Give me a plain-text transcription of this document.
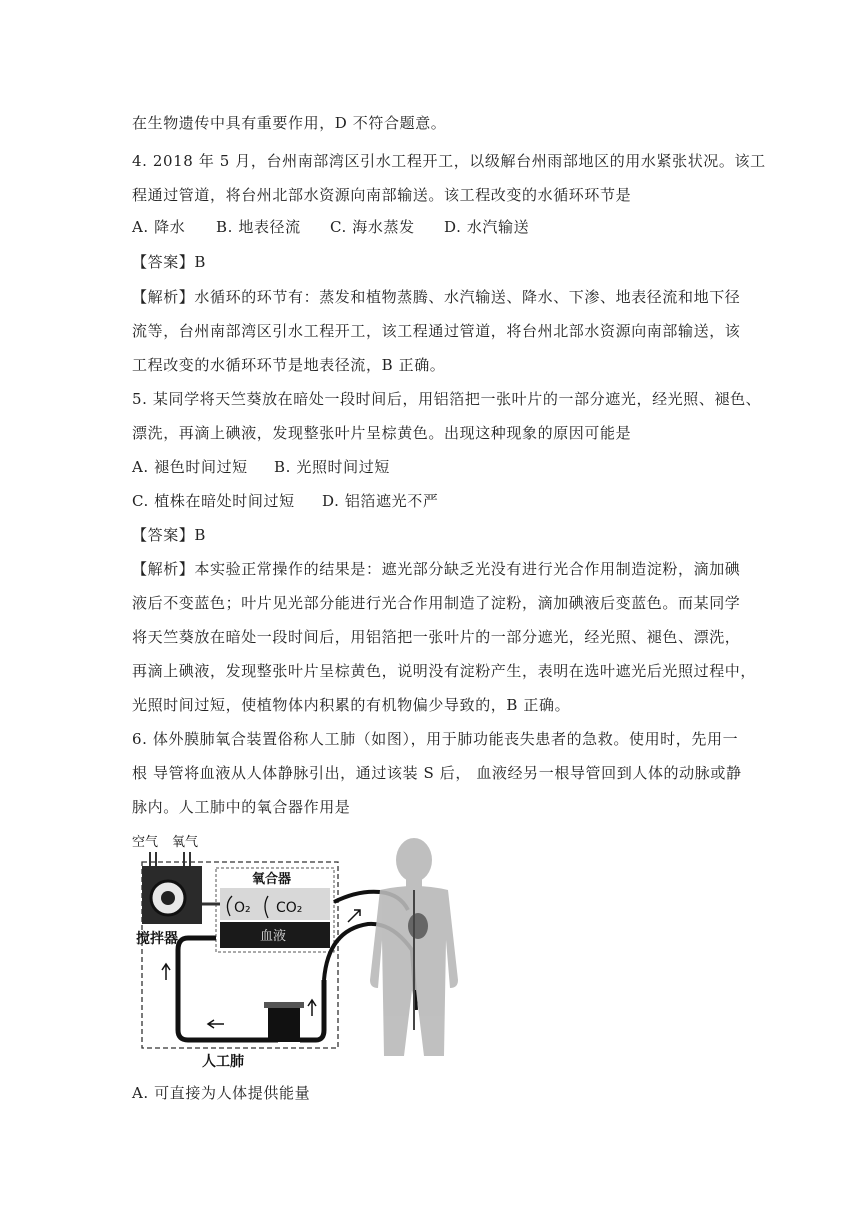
在生物遗传中具有重要作用，D 不符合题意。
4. 2018 年 5 月，台州南部湾区引水工程开工，以级解台州雨部地区的用水紧张状况。该工
程通过管道，将台州北部水资源向南部输送。该工程改变的水循环环节是
A. 降水 B. 地表径流 C. 海水蒸发 D. 水汽输送
【答案】B
【解析】水循环的环节有：蒸发和植物蒸腾、水汽输送、降水、下渗、地表径流和地下径
流等，台州南部湾区引水工程开工，该工程通过管道，将台州北部水资源向南部输送，该
工程改变的水循环环节是地表径流，B 正确。
5. 某同学将天竺葵放在暗处一段时间后，用铝箔把一张叶片的一部分遮光，经光照、褪色、
漂洗，再滴上碘液，发现整张叶片呈棕黄色。出现这种现象的原因可能是
A. 褪色时间过短 B. 光照时间过短
C. 植株在暗处时间过短 D. 铝箔遮光不严
【答案】B
【解析】本实验正常操作的结果是：遮光部分缺乏光没有进行光合作用制造淀粉，滴加碘
液后不变蓝色；叶片见光部分能进行光合作用制造了淀粉，滴加碘液后变蓝色。而某同学
将天竺葵放在暗处一段时间后，用铝箔把一张叶片的一部分遮光，经光照、褪色、漂洗，
再滴上碘液，发现整张叶片呈棕黄色，说明没有淀粉产生，表明在选叶遮光后光照过程中，
光照时间过短，使植物体内积累的有机物偏少导致的，B 正确。
6. 体外膜肺氧合装置俗称人工肺（如图），用于肺功能丧失患者的急救。使用时，先用一
根 导管将血液从人体静脉引出，通过该装 S 后， 血液经另一根导管回到人体的动脉或静
脉内。人工肺中的氧合器作用是
空气 氧气
搅拌器
氧合器
O₂ CO₂
血液
人工肺
A. 可直接为人体提供能量
